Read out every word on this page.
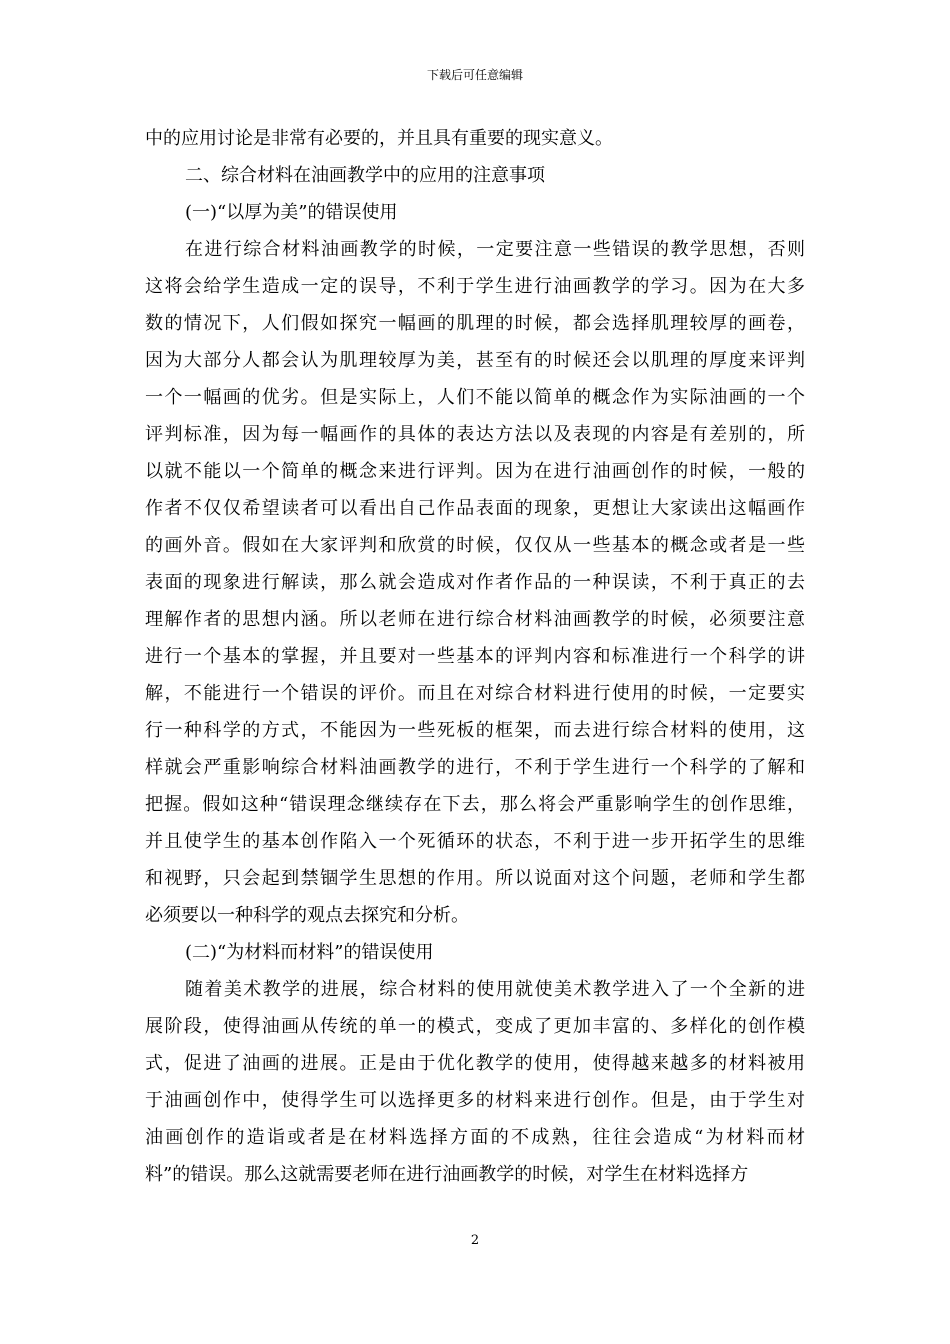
下载后可任意编辑

中的应用讨论是非常有必要的，并且具有重要的现实意义。

二、综合材料在油画教学中的应用的注意事项

(一)“以厚为美”的错误使用

在进行综合材料油画教学的时候，一定要注意一些错误的教学思想，否则
这将会给学生造成一定的误导，不利于学生进行油画教学的学习。因为在大多
数的情况下，人们假如探究一幅画的肌理的时候，都会选择肌理较厚的画卷，
因为大部分人都会认为肌理较厚为美，甚至有的时候还会以肌理的厚度来评判
一个一幅画的优劣。但是实际上，人们不能以简单的概念作为实际油画的一个
评判标准，因为每一幅画作的具体的表达方法以及表现的内容是有差别的，所
以就不能以一个简单的概念来进行评判。因为在进行油画创作的时候，一般的
作者不仅仅希望读者可以看出自己作品表面的现象，更想让大家读出这幅画作
的画外音。假如在大家评判和欣赏的时候，仅仅从一些基本的概念或者是一些
表面的现象进行解读，那么就会造成对作者作品的一种误读，不利于真正的去
理解作者的思想内涵。所以老师在进行综合材料油画教学的时候，必须要注意
进行一个基本的掌握，并且要对一些基本的评判内容和标准进行一个科学的讲
解，不能进行一个错误的评价。而且在对综合材料进行使用的时候，一定要实
行一种科学的方式，不能因为一些死板的框架，而去进行综合材料的使用，这
样就会严重影响综合材料油画教学的进行，不利于学生进行一个科学的了解和
把握。假如这种“错误理念继续存在下去，那么将会严重影响学生的创作思维，
并且使学生的基本创作陷入一个死循环的状态，不利于进一步开拓学生的思维
和视野，只会起到禁锢学生思想的作用。所以说面对这个问题，老师和学生都
必须要以一种科学的观点去探究和分析。

(二)“为材料而材料”的错误使用

随着美术教学的进展，综合材料的使用就使美术教学进入了一个全新的进
展阶段，使得油画从传统的单一的模式，变成了更加丰富的、多样化的创作模
式，促进了油画的进展。正是由于优化教学的使用，使得越来越多的材料被用
于油画创作中，使得学生可以选择更多的材料来进行创作。但是，由于学生对
油画创作的造诣或者是在材料选择方面的不成熟，往往会造成“为材料而材
料”的错误。那么这就需要老师在进行油画教学的时候，对学生在材料选择方

2
